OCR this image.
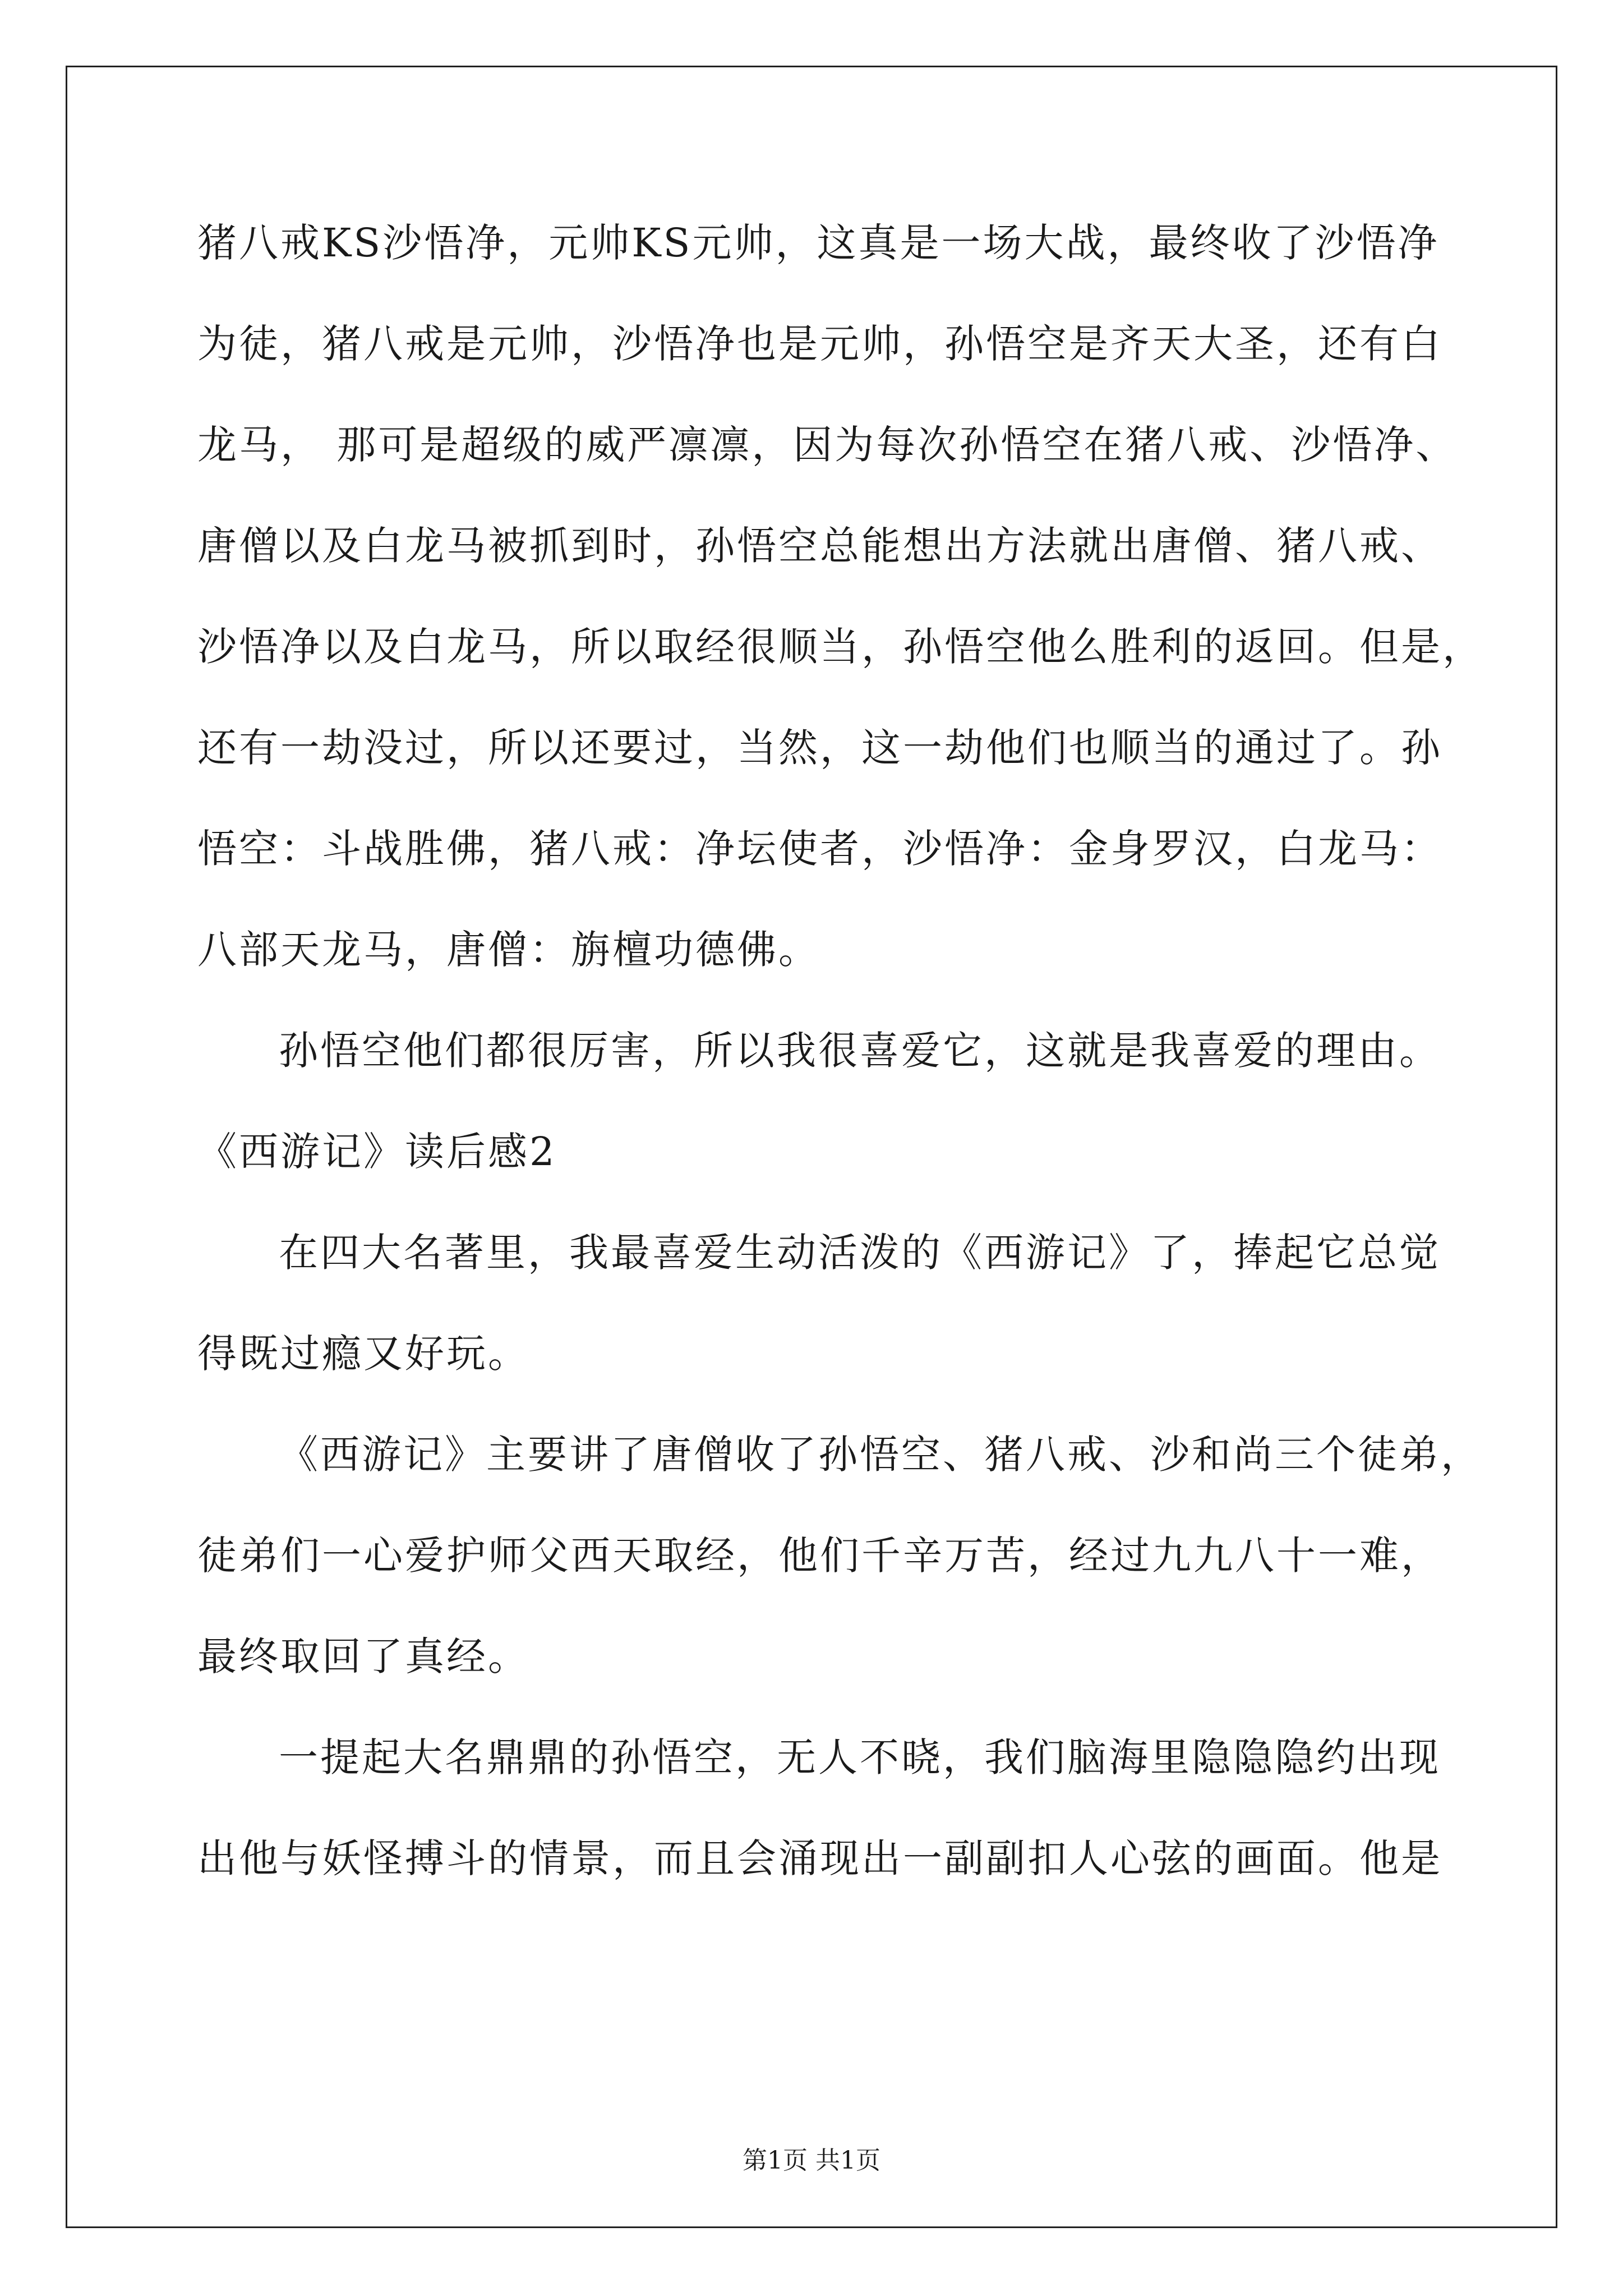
猪八戒KS沙悟净，元帅KS元帅，这真是一场大战，最终收了沙悟净
为徒，猪八戒是元帅，沙悟净也是元帅，孙悟空是齐天大圣，还有白
龙马， 那可是超级的威严凛凛，因为每次孙悟空在猪八戒、沙悟净、
唐僧以及白龙马被抓到时，孙悟空总能想出方法就出唐僧、猪八戒、
沙悟净以及白龙马，所以取经很顺当，孙悟空他么胜利的返回。但是，
还有一劫没过，所以还要过，当然，这一劫他们也顺当的通过了。孙
悟空：斗战胜佛，猪八戒：净坛使者，沙悟净：金身罗汉，白龙马：
八部天龙马，唐僧：旃檀功德佛。
孙悟空他们都很厉害，所以我很喜爱它，这就是我喜爱的理由。
《西游记》读后感2
在四大名著里，我最喜爱生动活泼的《西游记》了，捧起它总觉
得既过瘾又好玩。
《西游记》主要讲了唐僧收了孙悟空、猪八戒、沙和尚三个徒弟，
徒弟们一心爱护师父西天取经，他们千辛万苦，经过九九八十一难，
最终取回了真经。
一提起大名鼎鼎的孙悟空，无人不晓，我们脑海里隐隐隐约出现
出他与妖怪搏斗的情景，而且会涌现出一副副扣人心弦的画面。他是
第1页 共1页
